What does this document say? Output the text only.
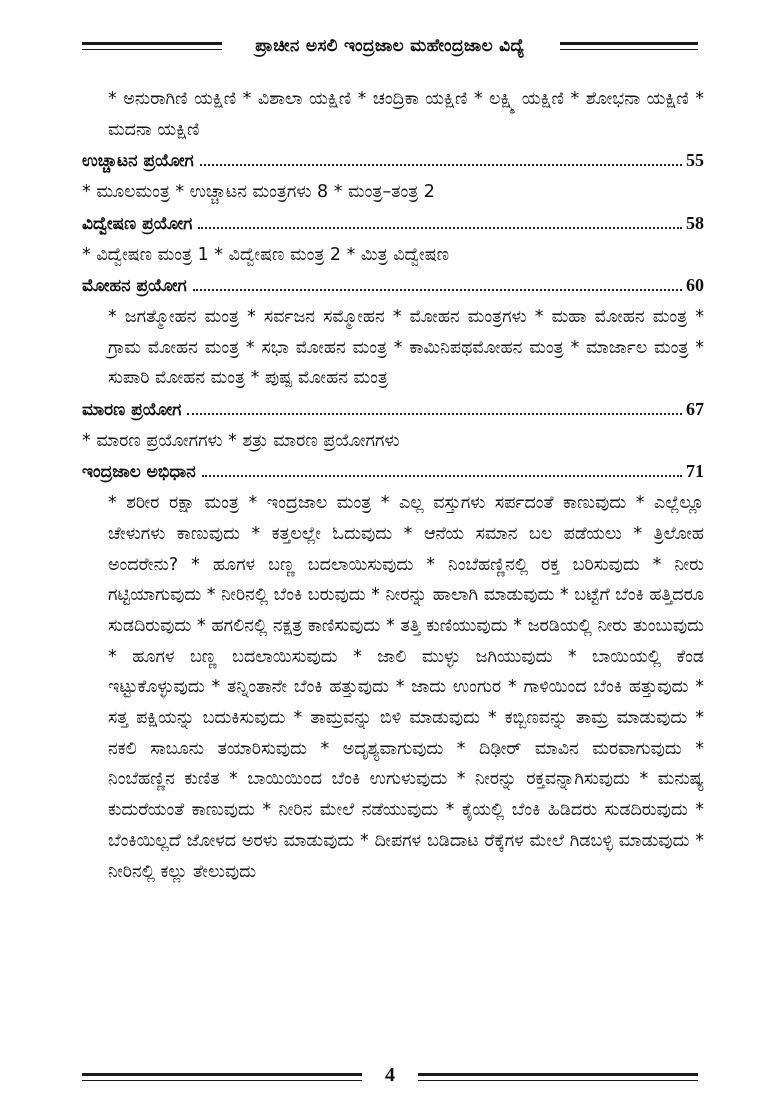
ಪ್ರಾಚೀನ ಅಸಲಿ ಇಂದ್ರಜಾಲ ಮಹೇಂದ್ರಜಾಲ ವಿದ್ಯೆ

* ಅನುರಾಗಿಣಿ ಯಕ್ಷಿಣಿ * ವಿಶಾಲಾ ಯಕ್ಷಿಣಿ * ಚಂದ್ರಿಕಾ ಯಕ್ಷಿಣಿ * ಲಕ್ಷ್ಮಿ ಯಕ್ಷಿಣಿ * ಶೋಭನಾ ಯಕ್ಷಿಣಿ * ಮದನಾ ಯಕ್ಷಿಣಿ

ಉಚ್ಚಾಟನ ಪ್ರಯೋಗ	55

* ಮೂಲಮಂತ್ರ * ಉಚ್ಚಾಟನ ಮಂತ್ರಗಳು 8 * ಮಂತ್ರ–ತಂತ್ರ 2

ವಿದ್ವೇಷಣ ಪ್ರಯೋಗ	58

* ವಿದ್ವೇಷಣ ಮಂತ್ರ 1 * ವಿದ್ವೇಷಣ ಮಂತ್ರ 2 * ಮಿತ್ರ ವಿದ್ವೇಷಣ

ಮೋಹನ ಪ್ರಯೋಗ	60

* ಜಗತ್ಮೋಹನ ಮಂತ್ರ * ಸರ್ವಜನ ಸಮ್ಮೋಹನ * ಮೋಹನ ಮಂತ್ರಗಳು * ಮಹಾ ಮೋಹನ ಮಂತ್ರ * ಗ್ರಾಮ ಮೋಹನ ಮಂತ್ರ * ಸಭಾ ಮೋಹನ ಮಂತ್ರ * ಕಾಮಿನಿಪಥಮೋಹನ ಮಂತ್ರ * ಮಾರ್ಜಾಲ ಮಂತ್ರ * ಸುಪಾರಿ ಮೋಹನ ಮಂತ್ರ * ಪುಷ್ಪ ಮೋಹನ ಮಂತ್ರ

ಮಾರಣ ಪ್ರಯೋಗ	67

* ಮಾರಣ ಪ್ರಯೋಗಗಳು * ಶತ್ರು ಮಾರಣ ಪ್ರಯೋಗಗಳು

ಇಂದ್ರಜಾಲ ಅಭಿಧಾನ	71

* ಶರೀರ ರಕ್ಷಾ ಮಂತ್ರ * ಇಂದ್ರಜಾಲ ಮಂತ್ರ * ಎಲ್ಲ ವಸ್ತುಗಳು ಸರ್ಪದಂತೆ ಕಾಣುವುದು * ಎಲ್ಲೆಲ್ಲೂ ಚೇಳುಗಳು ಕಾಣುವುದು * ಕತ್ತಲಲ್ಲೇ ಓದುವುದು * ಆನೆಯ ಸಮಾನ ಬಲ ಪಡೆಯಲು * ತ್ರಿಲೋಹ ಅಂದರೇನು? * ಹೂಗಳ ಬಣ್ಣ ಬದಲಾಯಿಸುವುದು * ನಿಂಬೆಹಣ್ಣಿನಲ್ಲಿ ರಕ್ತ ಬರಿಸುವುದು * ನೀರು ಗಟ್ಟಿಯಾಗುವುದು * ನೀರಿನಲ್ಲಿ ಬೆಂಕಿ ಬರುವುದು * ನೀರನ್ನು ಹಾಲಾಗಿ ಮಾಡುವುದು * ಬಟ್ಟೆಗೆ ಬೆಂಕಿ ಹತ್ತಿದರೂ ಸುಡದಿರುವುದು * ಹಗಲಿನಲ್ಲಿ ನಕ್ಷತ್ರ ಕಾಣಿಸುವುದು * ತತ್ತಿ ಕುಣಿಯುವುದು * ಜರಡಿಯಲ್ಲಿ ನೀರು ತುಂಬುವುದು * ಹೂಗಳ ಬಣ್ಣ ಬದಲಾಯಿಸುವುದು * ಜಾಲಿ ಮುಳ್ಳು ಜಗಿಯುವುದು * ಬಾಯಿಯಲ್ಲಿ ಕೆಂಡ ಇಟ್ಟುಕೊಳ್ಳುವುದು * ತನ್ನಿಂತಾನೇ ಬೆಂಕಿ ಹತ್ತುವುದು * ಜಾದು ಉಂಗುರ * ಗಾಳಿಯಿಂದ ಬೆಂಕಿ ಹತ್ತುವುದು * ಸತ್ತ ಪಕ್ಷಿಯನ್ನು ಬದುಕಿಸುವುದು * ತಾಮ್ರವನ್ನು ಬಿಳಿ ಮಾಡುವುದು * ಕಬ್ಬಿಣವನ್ನು ತಾಮ್ರ ಮಾಡುವುದು * ನಕಲಿ ಸಾಬೂನು ತಯಾರಿಸುವುದು * ಅದೃಶ್ಯವಾಗುವುದು * ದಿಢೀರ್ ಮಾವಿನ ಮರವಾಗುವುದು * ನಿಂಬೆಹಣ್ಣಿನ ಕುಣಿತ * ಬಾಯಿಯಿಂದ ಬೆಂಕಿ ಉಗುಳುವುದು * ನೀರನ್ನು ರಕ್ತವನ್ನಾಗಿಸುವುದು * ಮನುಷ್ಯ ಕುದುರೆಯಂತೆ ಕಾಣುವುದು * ನೀರಿನ ಮೇಲೆ ನಡೆಯುವುದು * ಕೈಯಲ್ಲಿ ಬೆಂಕಿ ಹಿಡಿದರು ಸುಡದಿರುವುದು * ಬೆಂಕಿಯಿಲ್ಲದೆ ಜೋಳದ ಅರಳು ಮಾಡುವುದು * ದೀಪಗಳ ಬಡಿದಾಟ ರೆಕ್ಕೆಗಳ ಮೇಲೆ ಗಿಡಬಳ್ಳಿ ಮಾಡುವುದು * ನೀರಿನಲ್ಲಿ ಕಲ್ಲು ತೇಲುವುದು

4
